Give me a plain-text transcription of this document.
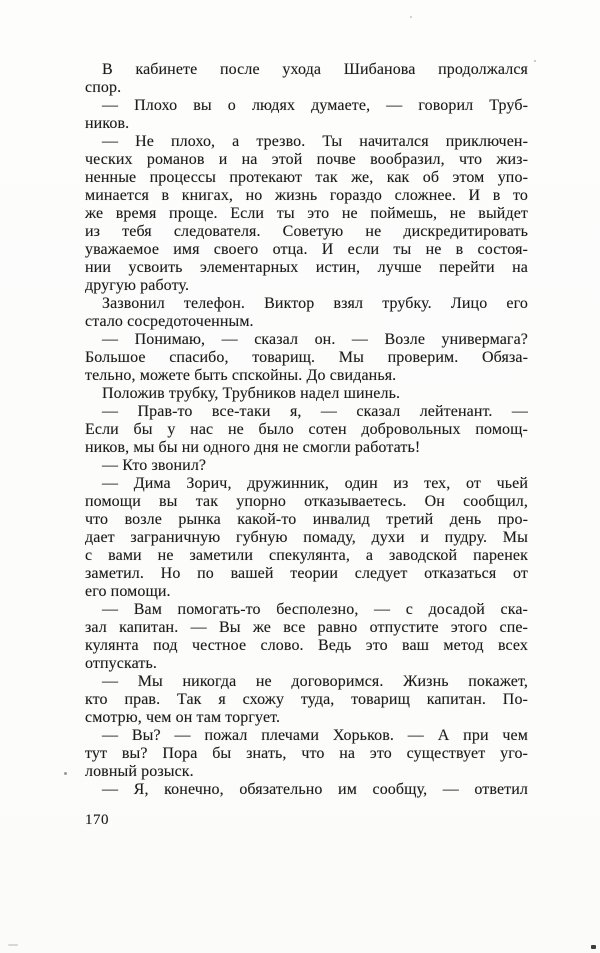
В кабинете после ухода Шибанова продолжался
спор.
— Плохо вы о людях думаете, — говорил Труб-
ников.
— Не плохо, а трезво. Ты начитался приключен-
ческих романов и на этой почве вообразил, что жиз-
ненные процессы протекают так же, как об этом упо-
минается в книгах, но жизнь гораздо сложнее. И в то
же время проще. Если ты это не поймешь, не выйдет
из тебя следователя. Советую не дискредитировать
уважаемое имя своего отца. И если ты не в состоя-
нии усвоить элементарных истин, лучше перейти на
другую работу.
Зазвонил телефон. Виктор взял трубку. Лицо его
стало сосредоточенным.
— Понимаю, — сказал он. — Возле универмага?
Большое спасибо, товарищ. Мы проверим. Обяза-
тельно, можете быть спскойны. До свиданья.
Положив трубку, Трубников надел шинель.
— Прав-то все-таки я, — сказал лейтенант. —
Если бы у нас не было сотен добровольных помощ-
ников, мы бы ни одного дня не смогли работать!
— Кто звонил?
— Дима Зорич, дружинник, один из тех, от чьей
помощи вы так упорно отказываетесь. Он сообщил,
что возле рынка какой-то инвалид третий день про-
дает заграничную губную помаду, духи и пудру. Мы
с вами не заметили спекулянта, а заводской паренек
заметил. Но по вашей теории следует отказаться от
его помощи.
— Вам помогать-то бесполезно, — с досадой ска-
зал капитан. — Вы же все равно отпустите этого спе-
кулянта под честное слово. Ведь это ваш метод всех
отпускать.
— Мы никогда не договоримся. Жизнь покажет,
кто прав. Так я схожу туда, товарищ капитан. По-
смотрю, чем он там торгует.
— Вы? — пожал плечами Хорьков. — А при чем
тут вы? Пора бы знать, что на это существует уго-
ловный розыск.
— Я, конечно, обязательно им сообщу, — ответил
170
